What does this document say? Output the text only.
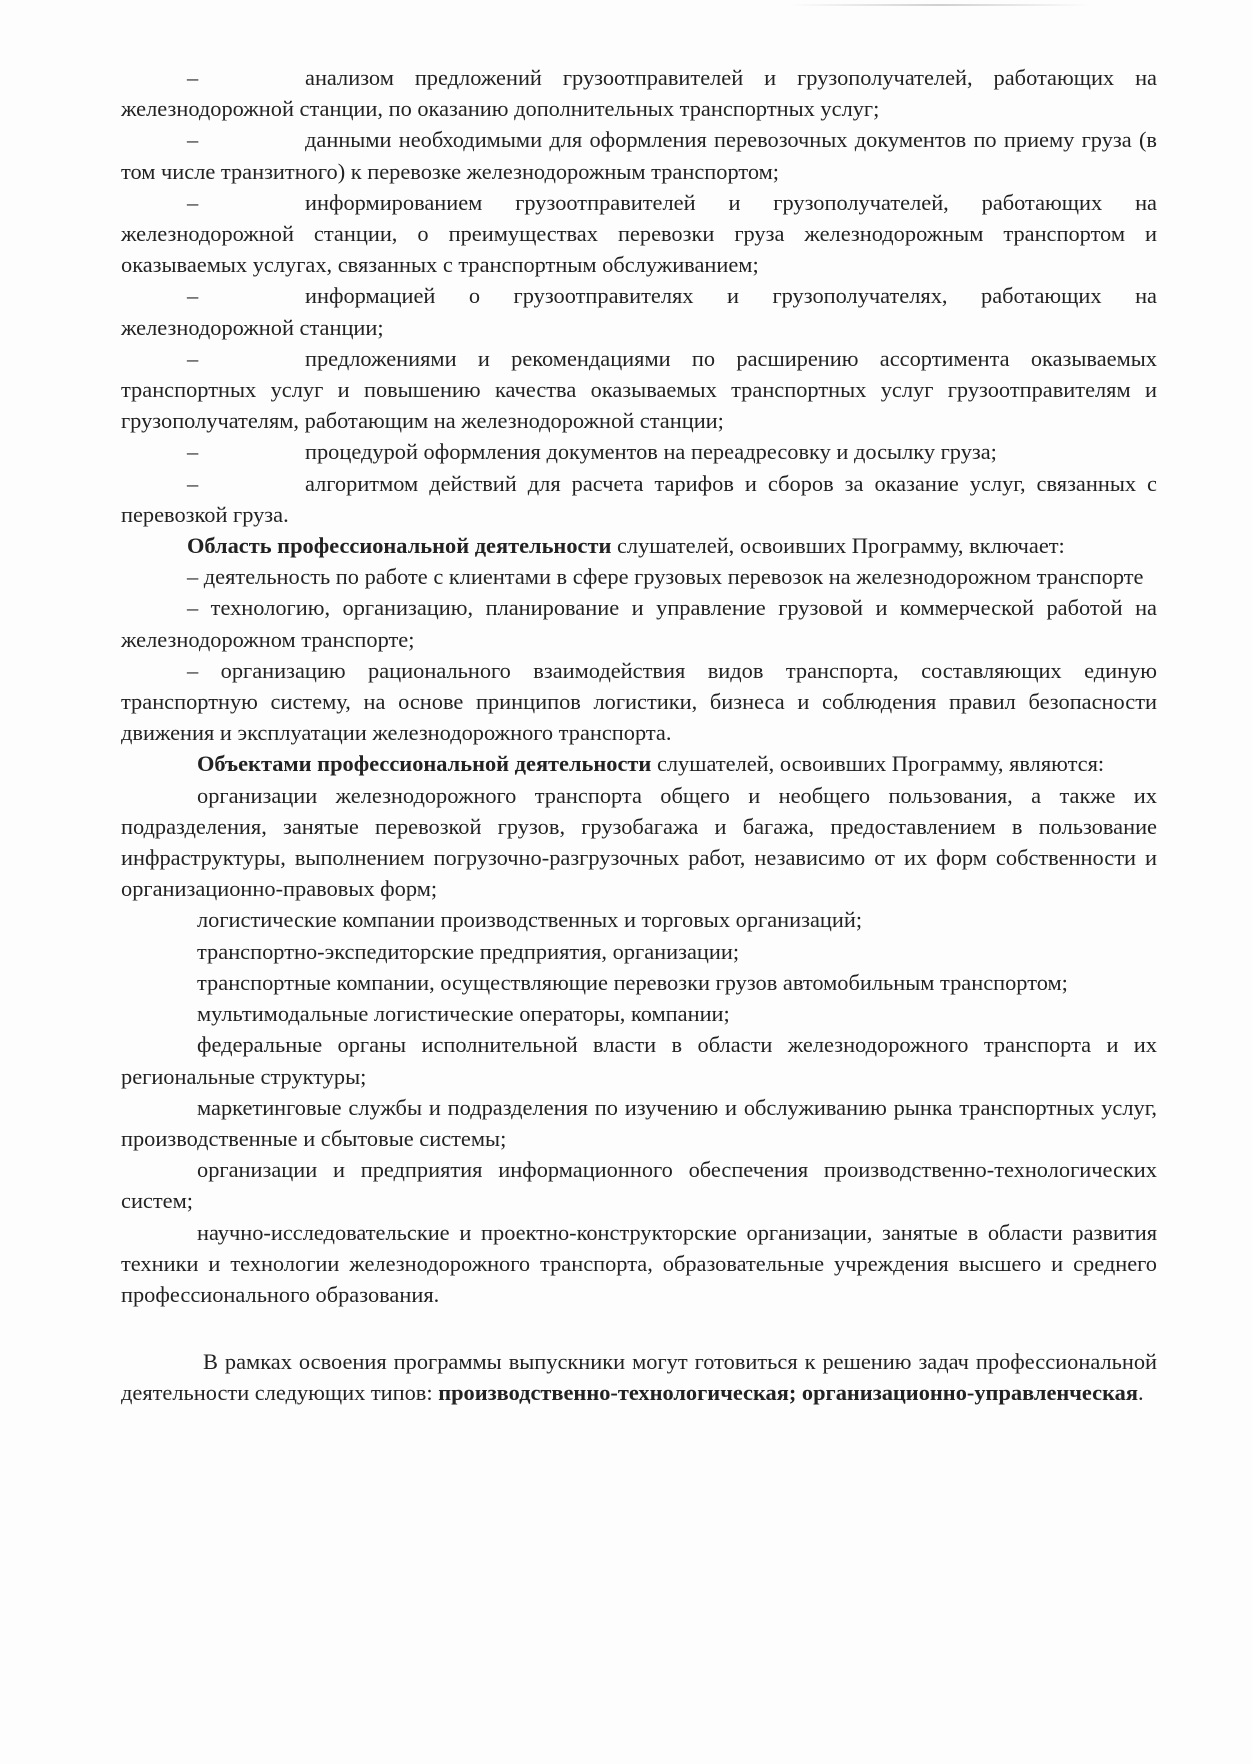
–	анализом предложений грузоотправителей и грузополучателей, работающих на железнодорожной станции, по оказанию дополнительных транспортных услуг;

–	данными необходимыми для оформления перевозочных документов по приему груза (в том числе транзитного) к перевозке железнодорожным транспортом;

–	информированием грузоотправителей и грузополучателей, работающих на железнодорожной станции, о преимуществах перевозки груза железнодорожным транспортом и оказываемых услугах, связанных с транспортным обслуживанием;

–	информацией о грузоотправителях и грузополучателях, работающих на железнодорожной станции;

–	предложениями и рекомендациями по расширению ассортимента оказываемых транспортных услуг и повышению качества оказываемых транспортных услуг грузоотправителям и грузополучателям, работающим на железнодорожной станции;

–	процедурой оформления документов на переадресовку и досылку груза;

–	алгоритмом действий для расчета тарифов и сборов за оказание услуг, связанных с перевозкой груза.

Область профессиональной деятельности слушателей, освоивших Программу, включает:

– деятельность по работе с клиентами в сфере грузовых перевозок на железнодорожном транспорте

– технологию, организацию, планирование и управление грузовой и коммерческой работой на железнодорожном транспорте;

– организацию рационального взаимодействия видов транспорта, составляющих единую транспортную систему, на основе принципов логистики, бизнеса и соблюдения правил безопасности движения и эксплуатации железнодорожного транспорта.

Объектами профессиональной деятельности слушателей, освоивших Программу, являются:

организации железнодорожного транспорта общего и необщего пользования, а также их подразделения, занятые перевозкой грузов, грузобагажа и багажа, предоставлением в пользование инфраструктуры, выполнением погрузочно-разгрузочных работ, независимо от их форм собственности и организационно-правовых форм;

логистические компании производственных и торговых организаций;

транспортно-экспедиторские предприятия, организации;

транспортные компании, осуществляющие перевозки грузов автомобильным транспортом;

мультимодальные логистические операторы, компании;

федеральные органы исполнительной власти в области железнодорожного транспорта и их региональные структуры;

маркетинговые службы и подразделения по изучению и обслуживанию рынка транспортных услуг, производственные и сбытовые системы;

организации и предприятия информационного обеспечения производственно-технологических систем;

научно-исследовательские и проектно-конструкторские организации, занятые в области развития техники и технологии железнодорожного транспорта, образовательные учреждения высшего и среднего профессионального образования.

В рамках освоения программы выпускники могут готовиться к решению задач профессиональной деятельности следующих типов: производственно-технологическая; организационно-управленческая.
